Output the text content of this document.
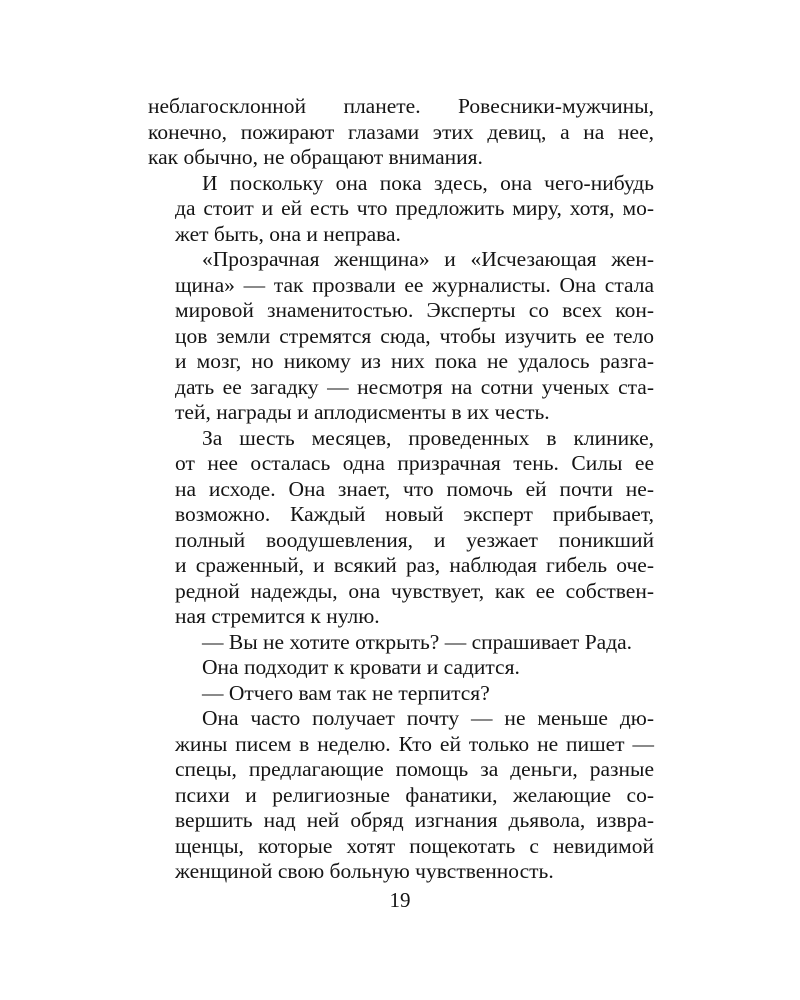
неблагосклонной планете. Ровесники-мужчины,
конечно, пожирают глазами этих девиц, а на нее,
как обычно, не обращают внимания.
И поскольку она пока здесь, она чего-нибудь
да стоит и ей есть что предложить миру, хотя, мо-
жет быть, она и неправа.
«Прозрачная женщина» и «Исчезающая жен-
щина» — так прозвали ее журналисты. Она стала
мировой знаменитостью. Эксперты со всех кон-
цов земли стремятся сюда, чтобы изучить ее тело
и мозг, но никому из них пока не удалось разга-
дать ее загадку — несмотря на сотни ученых ста-
тей, награды и аплодисменты в их честь.
За шесть месяцев, проведенных в клинике,
от нее осталась одна призрачная тень. Силы ее
на исходе. Она знает, что помочь ей почти не-
возможно. Каждый новый эксперт прибывает,
полный воодушевления, и уезжает поникший
и сраженный, и всякий раз, наблюдая гибель оче-
редной надежды, она чувствует, как ее собствен-
ная стремится к нулю.
— Вы не хотите открыть? — спрашивает Рада.
Она подходит к кровати и садится.
— Отчего вам так не терпится?
Она часто получает почту — не меньше дю-
жины писем в неделю. Кто ей только не пишет —
спецы, предлагающие помощь за деньги, разные
психи и религиозные фанатики, желающие со-
вершить над ней обряд изгнания дьявола, извра-
щенцы, которые хотят пощекотать с невидимой
женщиной свою больную чувственность.
19
